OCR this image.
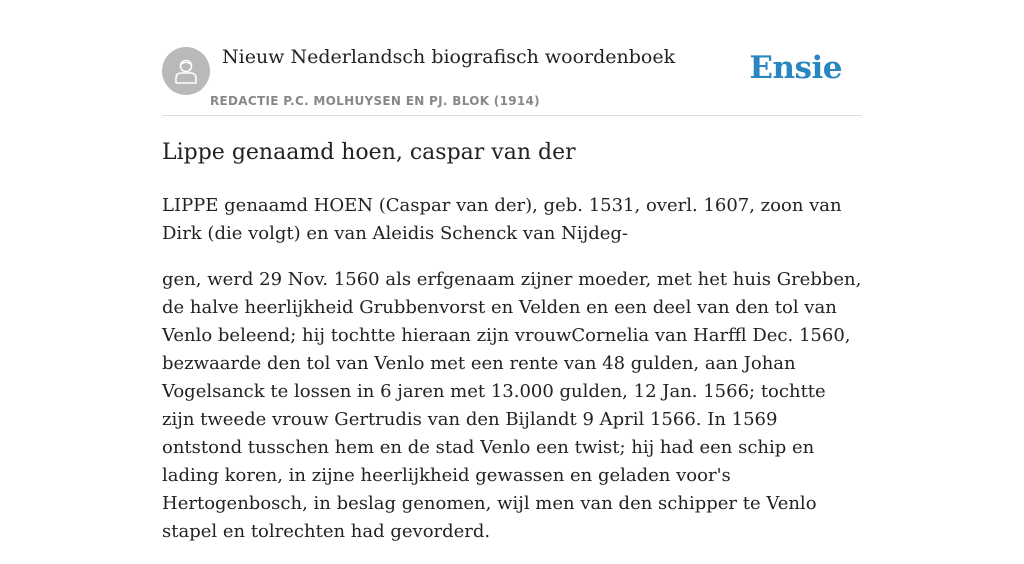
Nieuw Nederlandsch biografisch woordenboek
REDACTIE P.C. MOLHUYSEN EN PJ. BLOK (1914)
Ensie
Lippe genaamd hoen, caspar van der

LIPPE genaamd HOEN (Caspar van der), geb. 1531, overl. 1607, zoon van Dirk (die volgt) en van Aleidis Schenck van Nijdeg-

gen, werd 29 Nov. 1560 als erfgenaam zijner moeder, met het huis Grebben, de halve heerlijkheid Grubbenvorst en Velden en een deel van den tol van Venlo beleend; hij tochtte hieraan zijn vrouwCornelia van Harffl Dec. 1560, bezwaarde den tol van Venlo met een rente van 48 gulden, aan Johan Vogelsanck te lossen in 6 jaren met 13.000 gulden, 12 Jan. 1566; tochtte zijn tweede vrouw Gertrudis van den Bijlandt 9 April 1566. In 1569 ontstond tusschen hem en de stad Venlo een twist; hij had een schip en lading koren, in zijne heerlijkheid gewassen en geladen voor's Hertogenbosch, in beslag genomen, wijl men van den schipper te Venlo stapel en tolrechten had gevorderd.
